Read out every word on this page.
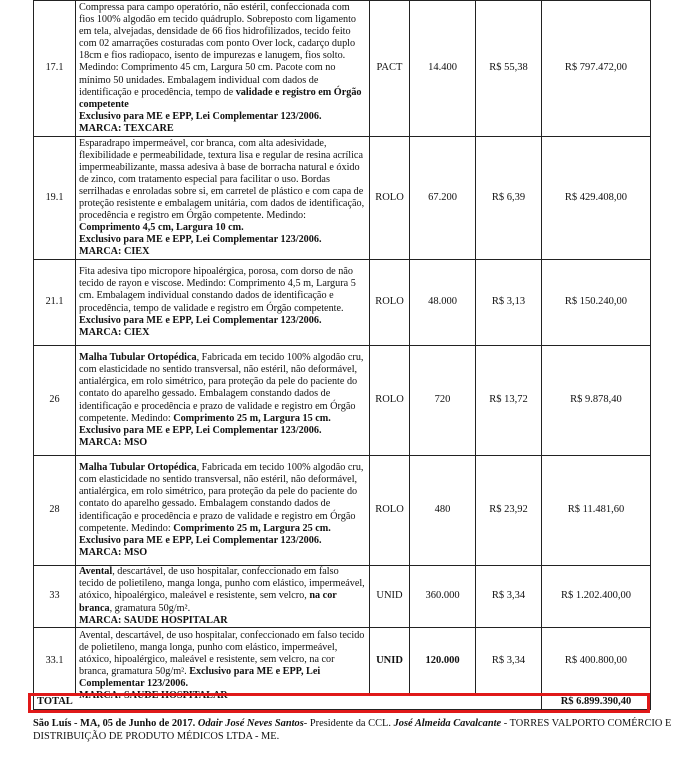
17.1	Compressa para campo operatório, não estéril, confeccionada com fios 100% algodão em tecido quádruplo. Sobreposto com ligamento em tela, alvejadas, densidade de 66 fios hidrofilizados, tecido feito com 02 amarrações costuradas com ponto Over lock, cadarço duplo 18cm e fios radiopaco, isento de impurezas e lanugem, fios solto. Medindo: Comprimento 45 cm, Largura 50 cm. Pacote com no mínimo 50 unidades. Embalagem individual com dados de identificação e procedência, tempo de validade e registro em Órgão competente
Exclusivo para ME e EPP, Lei Complementar 123/2006.
MARCA: TEXCARE	PACT	14.400	R$ 55,38	R$ 797.472,00
19.1	Esparadrapo impermeável, cor branca, com alta adesividade, flexibilidade e permeabilidade, textura lisa e regular de resina acrílica impermeabilizante, massa adesiva à base de borracha natural e óxido de zinco, com tratamento especial para facilitar o uso. Bordas serrilhadas e enroladas sobre si, em carretel de plástico e com capa de proteção resistente e embalagem unitária, com dados de identificação, procedência e registro em Órgão competente. Medindo: Comprimento 4,5 cm, Largura 10 cm.
Exclusivo para ME e EPP, Lei Complementar 123/2006.
MARCA: CIEX	ROLO	67.200	R$ 6,39	R$ 429.408,00
21.1	Fita adesiva tipo micropore hipoalérgica, porosa, com dorso de não tecido de rayon e viscose. Medindo: Comprimento 4,5 m, Largura 5 cm. Embalagem individual constando dados de identificação e procedência, tempo de validade e registro em Órgão competente.
Exclusivo para ME e EPP, Lei Complementar 123/2006.
MARCA: CIEX	ROLO	48.000	R$ 3,13	R$ 150.240,00
26	Malha Tubular Ortopédica, Fabricada em tecido 100% algodão cru, com elasticidade no sentido transversal, não estéril, não deformável, antialérgica, em rolo simétrico, para proteção da pele do paciente do contato do aparelho gessado. Embalagem constando dados de identificação e procedência e prazo de validade e registro em Órgão competente. Medindo: Comprimento 25 m, Largura 15 cm. Exclusivo para ME e EPP, Lei Complementar 123/2006.
MARCA: MSO	ROLO	720	R$ 13,72	R$ 9.878,40
28	Malha Tubular Ortopédica, Fabricada em tecido 100% algodão cru, com elasticidade no sentido transversal, não estéril, não deformável, antialérgica, em rolo simétrico, para proteção da pele do paciente do contato do aparelho gessado. Embalagem constando dados de identificação e procedência e prazo de validade e registro em Órgão competente. Medindo: Comprimento 25 m, Largura 25 cm. Exclusivo para ME e EPP, Lei Complementar 123/2006.
MARCA: MSO	ROLO	480	R$ 23,92	R$ 11.481,60
33	Avental, descartável, de uso hospitalar, confeccionado em falso tecido de polietileno, manga longa, punho com elástico, impermeável, atóxico, hipoalérgico, maleável e resistente, sem velcro, na cor branca, gramatura 50g/m².
MARCA: SAUDE HOSPITALAR	UNID	360.000	R$ 3,34	R$ 1.202.400,00
33.1	Avental, descartável, de uso hospitalar, confeccionado em falso tecido de polietileno, manga longa, punho com elástico, impermeável, atóxico, hipoalérgico, maleável e resistente, sem velcro, na cor branca, gramatura 50g/m². Exclusivo para ME e EPP, Lei Complementar 123/2006.
MARCA: SAUDE HOSPITALAR	UNID	120.000	R$ 3,34	R$ 400.800,00
TOTAL					R$ 6.899.390,40
São Luís - MA, 05 de Junho de 2017. Odair José Neves Santos- Presidente da CCL. José Almeida Cavalcante - TORRES VALPORTO COMÉRCIO E DISTRIBUIÇÃO DE PRODUTO MÉDICOS LTDA - ME.
